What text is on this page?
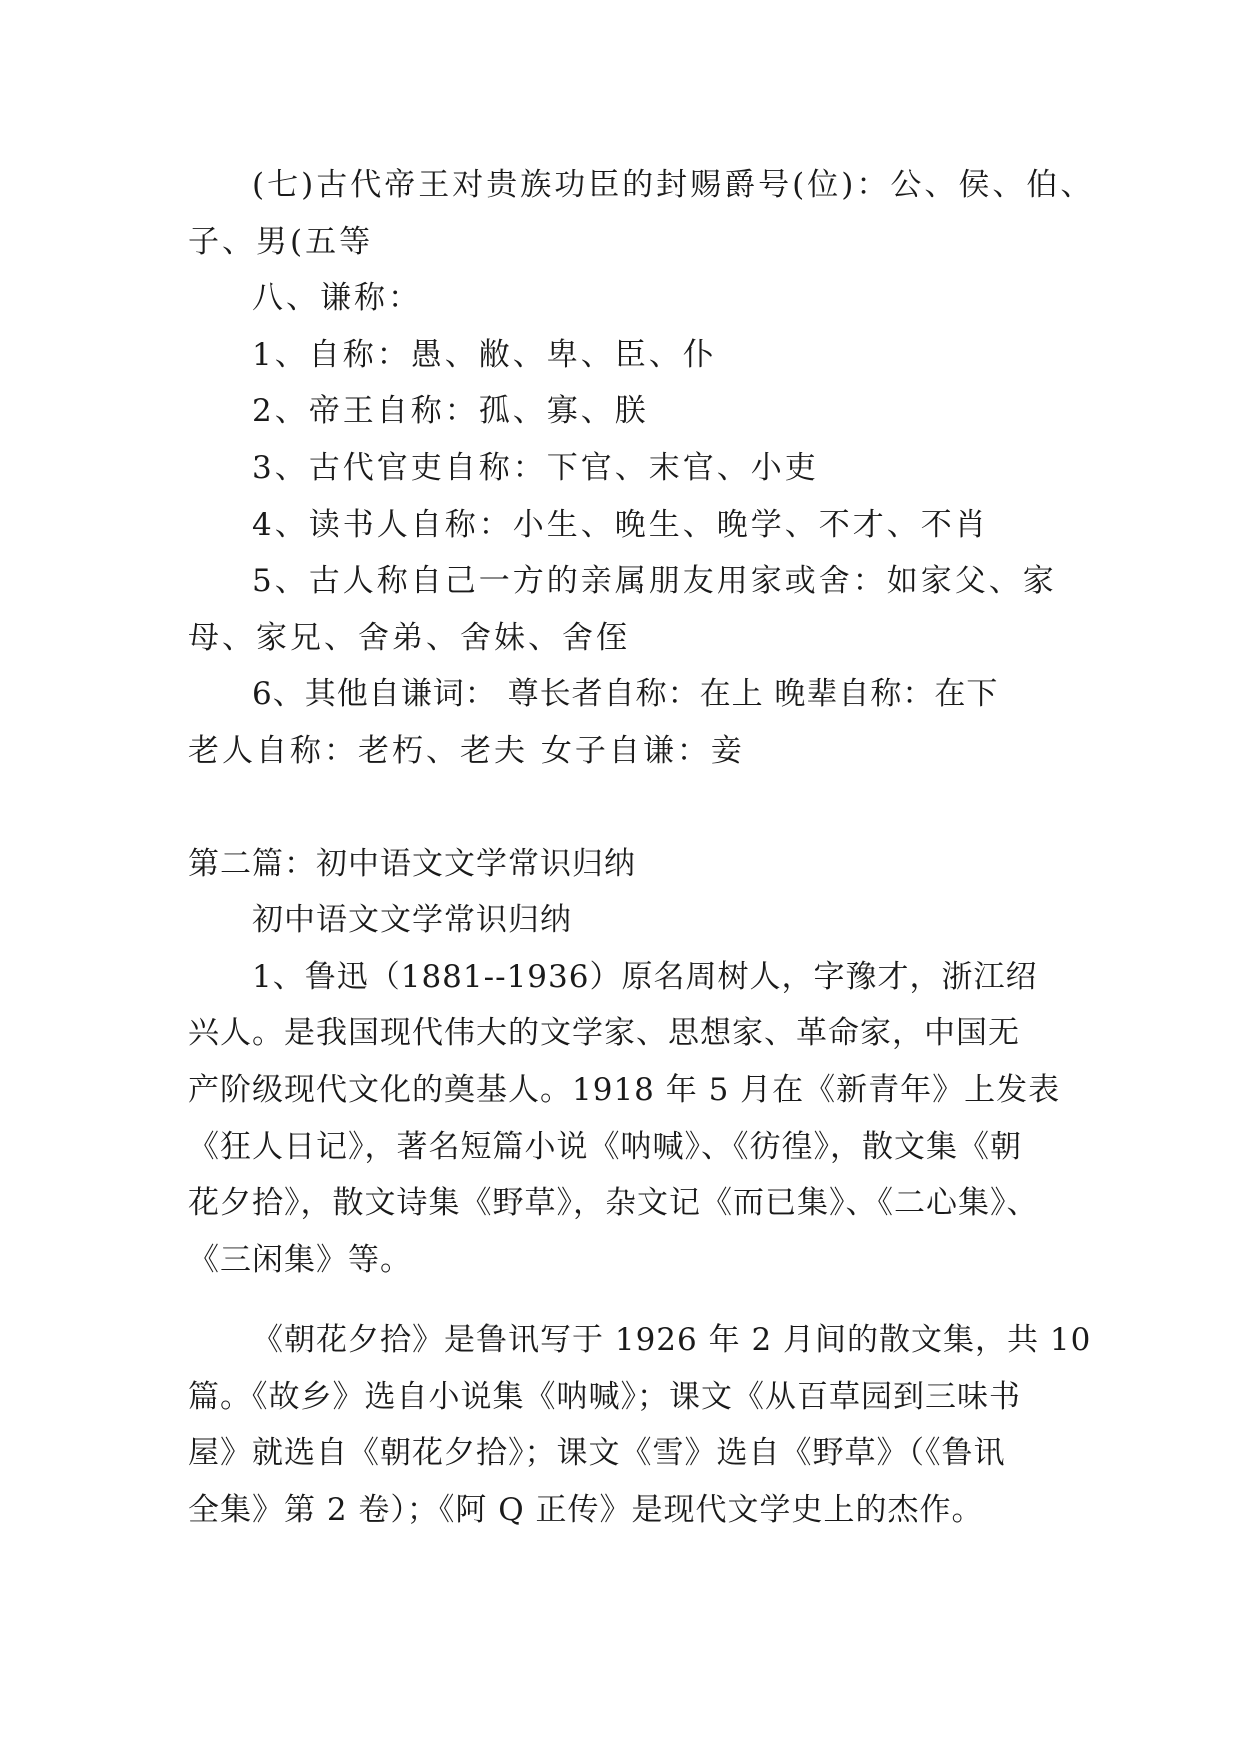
(七)古代帝王对贵族功臣的封赐爵号(位)：公、侯、伯、
子、男(五等
八、谦称：
1、自称：愚、敝、卑、臣、仆
2、帝王自称：孤、寡、朕
3、古代官吏自称：下官、末官、小吏
4、读书人自称：小生、晚生、晚学、不才、不肖
5、古人称自己一方的亲属朋友用家或舍：如家父、家
母、家兄、舍弟、舍妹、舍侄
6、其他自谦词： 尊长者自称：在上 晚辈自称：在下
老人自称：老朽、老夫 女子自谦：妾
第二篇：初中语文文学常识归纳
初中语文文学常识归纳
1、鲁迅（1881--1936）原名周树人，字豫才，浙江绍
兴人。是我国现代伟大的文学家、思想家、革命家，中国无
产阶级现代文化的奠基人。1918 年 5 月在《新青年》上发表
《狂人日记》，著名短篇小说《呐喊》、《彷徨》，散文集《朝
花夕拾》，散文诗集《野草》，杂文记《而已集》、《二心集》、
《三闲集》等。
《朝花夕拾》是鲁讯写于 1926 年 2 月间的散文集，共 10
篇。《故乡》选自小说集《呐喊》；课文《从百草园到三味书
屋》就选自《朝花夕拾》；课文《雪》选自《野草》（《鲁讯
全集》第 2 卷）；《阿 Q 正传》是现代文学史上的杰作。
